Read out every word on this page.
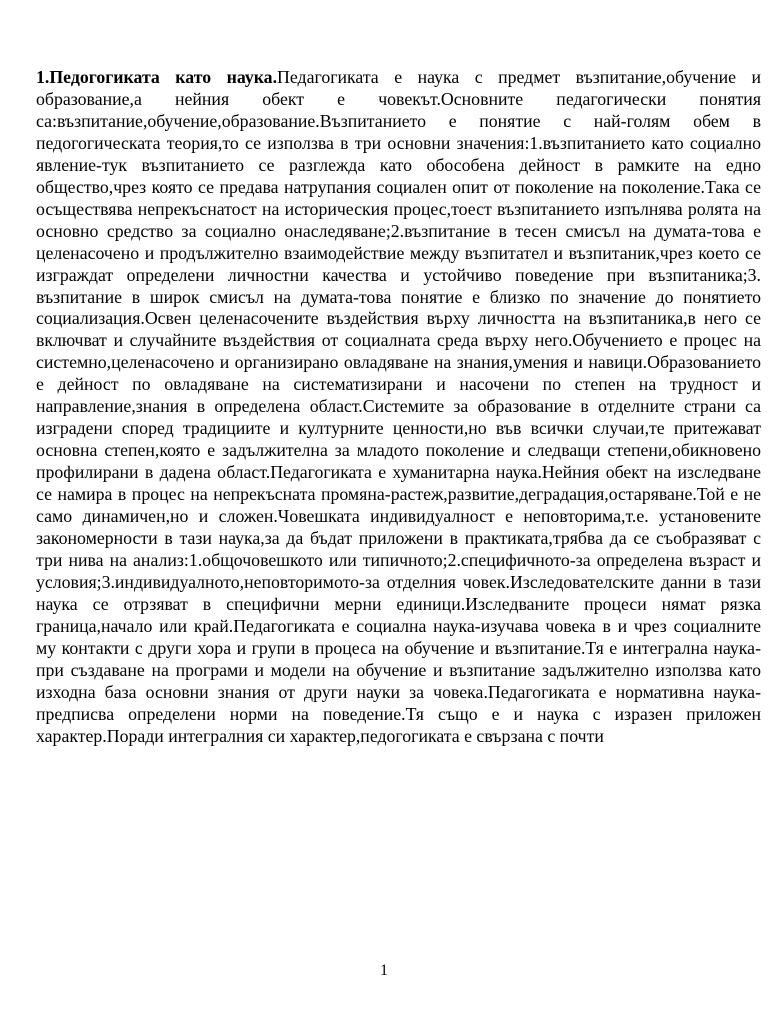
1.Педогогиката като наука.Педагогиката е наука с предмет възпитание,обучение и образование,а нейния обект е човекът.Основните педагогически понятия са:възпитание,обучение,образование.Възпитанието е понятие с най-голям обем в педогогическата теория,то се използва в три основни значения:1.възпитанието като социално явление-тук възпитанието се разглежда като обособена дейност в рамките на едно общество,чрез която се предава натрупания социален опит от поколение на поколение.Така се осъществява непрекъснатост на историческия процес,тоест възпитанието изпълнява ролята на основно средство за социално онаследяване;2.възпитание в тесен смисъл на думата-това е целенасочено и продължително взаимодействие между възпитател и възпитаник,чрез което се изграждат определени личностни качества и устойчиво поведение при възпитаника;3. възпитание в широк смисъл на думата-това понятие е близко по значение до понятието социализация.Освен целенасочените въздействия върху личността на възпитаника,в него се включват и случайните въздействия от социалната среда върху него.Обучението е процес на системно,целенасочено и организирано овладяване на знания,умения и навици.Образованието е дейност по овладяване на систематизирани и насочени по степен на трудност и направление,знания в определена област.Системите за образование в отделните страни са изградени според традициите и културните ценности,но във всички случаи,те притежават основна степен,която е задължителна за младото поколение и следващи степени,обикновено профилирани в дадена област.Педагогиката е хуманитарна наука.Нейния обект на изследване се намира в процес на непрекъсната промяна-растеж,развитие,деградация,остаряване.Той е не само динамичен,но и сложен.Човешката индивидуалност е неповторима,т.е. установените закономерности в тази наука,за да бъдат приложени в практиката,трябва да се съобразяват с три нива на анализ:1.общочовешкото или типичното;2.специфичното-за определена възраст и условия;3.индивидуалното,неповторимото-за отделния човек.Изследователските данни в тази наука се отрзяват в специфични мерни единици.Изследваните процеси нямат рязка граница,начало или край.Педагогиката е социална наука-изучава човека в и чрез социалните му контакти с други хора и групи в процеса на обучение и възпитание.Тя е интегрална наука-при създаване на програми и модели на обучение и възпитание задължително използва като изходна база основни знания от други науки за човека.Педагогиката е нормативна наука-предписва определени норми на поведение.Тя също е и наука с изразен приложен характер.Поради интегралния си характер,педогогиката е свързана с почти

1
